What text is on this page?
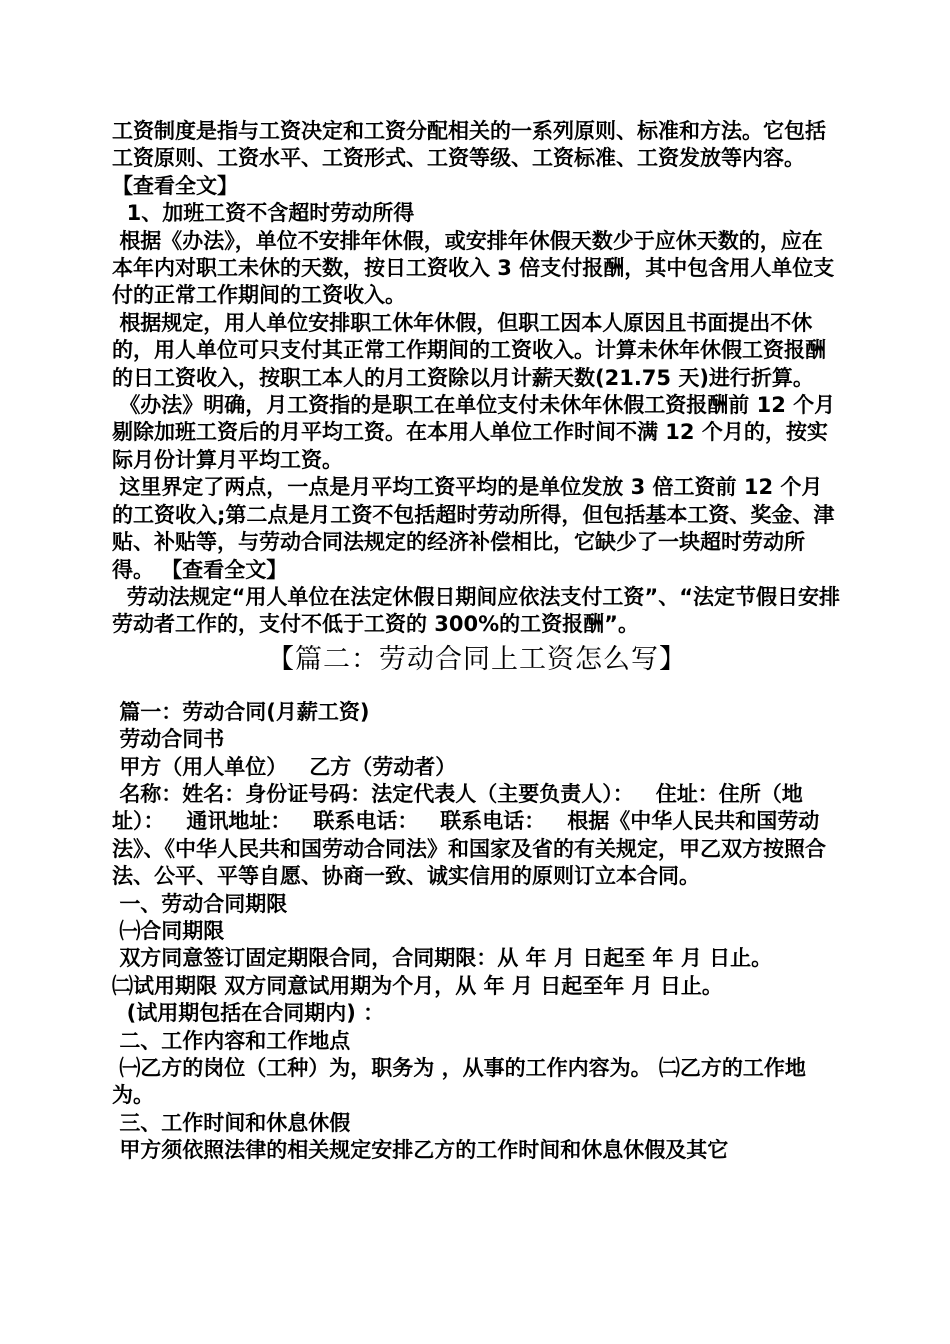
工资制度是指与工资决定和工资分配相关的一系列原则、标准和方法。它包括工资原则、工资水平、工资形式、工资等级、工资标准、工资发放等内容。 【查看全文】

1、加班工资不含超时劳动所得

根据《办法》，单位不安排年休假，或安排年休假天数少于应休天数的，应在本年内对职工未休的天数，按日工资收入 3 倍支付报酬，其中包含用人单位支付的正常工作期间的工资收入。

根据规定，用人单位安排职工休年休假，但职工因本人原因且书面提出不休的，用人单位可只支付其正常工作期间的工资收入。计算未休年休假工资报酬的日工资收入，按职工本人的月工资除以月计薪天数(21.75 天)进行折算。

《办法》明确，月工资指的是职工在单位支付未休年休假工资报酬前 12 个月剔除加班工资后的月平均工资。在本用人单位工作时间不满 12 个月的，按实际月份计算月平均工资。

这里界定了两点，一点是月平均工资平均的是单位发放 3 倍工资前 12 个月的工资收入;第二点是月工资不包括超时劳动所得，但包括基本工资、奖金、津贴、补贴等，与劳动合同法规定的经济补偿相比，它缺少了一块超时劳动所得。 【查看全文】

劳动法规定“用人单位在法定休假日期间应依法支付工资”、“法定节假日安排劳动者工作的，支付不低于工资的 300%的工资报酬”。

【篇二：劳动合同上工资怎么写】

篇一：劳动合同(月薪工资)

劳动合同书

甲方（用人单位）   乙方（劳动者）

名称：姓名：身份证号码：法定代表人（主要负责人）：   住址：住所（地址）：   通讯地址：   联系电话：   联系电话：   根据《中华人民共和国劳动法》、《中华人民共和国劳动合同法》和国家及省的有关规定，甲乙双方按照合法、公平、平等自愿、协商一致、诚实信用的原则订立本合同。

一、劳动合同期限

㈠合同期限

双方同意签订固定期限合同，合同期限：从 年 月 日起至 年 月 日止。

㈡试用期限 双方同意试用期为个月，从 年 月 日起至年 月 日止。

(试用期包括在合同期内) ：

二、工作内容和工作地点

㈠乙方的岗位（工种）为，职务为 ，从事的工作内容为。 ㈡乙方的工作地为。

三、工作时间和休息休假

甲方须依照法律的相关规定安排乙方的工作时间和休息休假及其它
